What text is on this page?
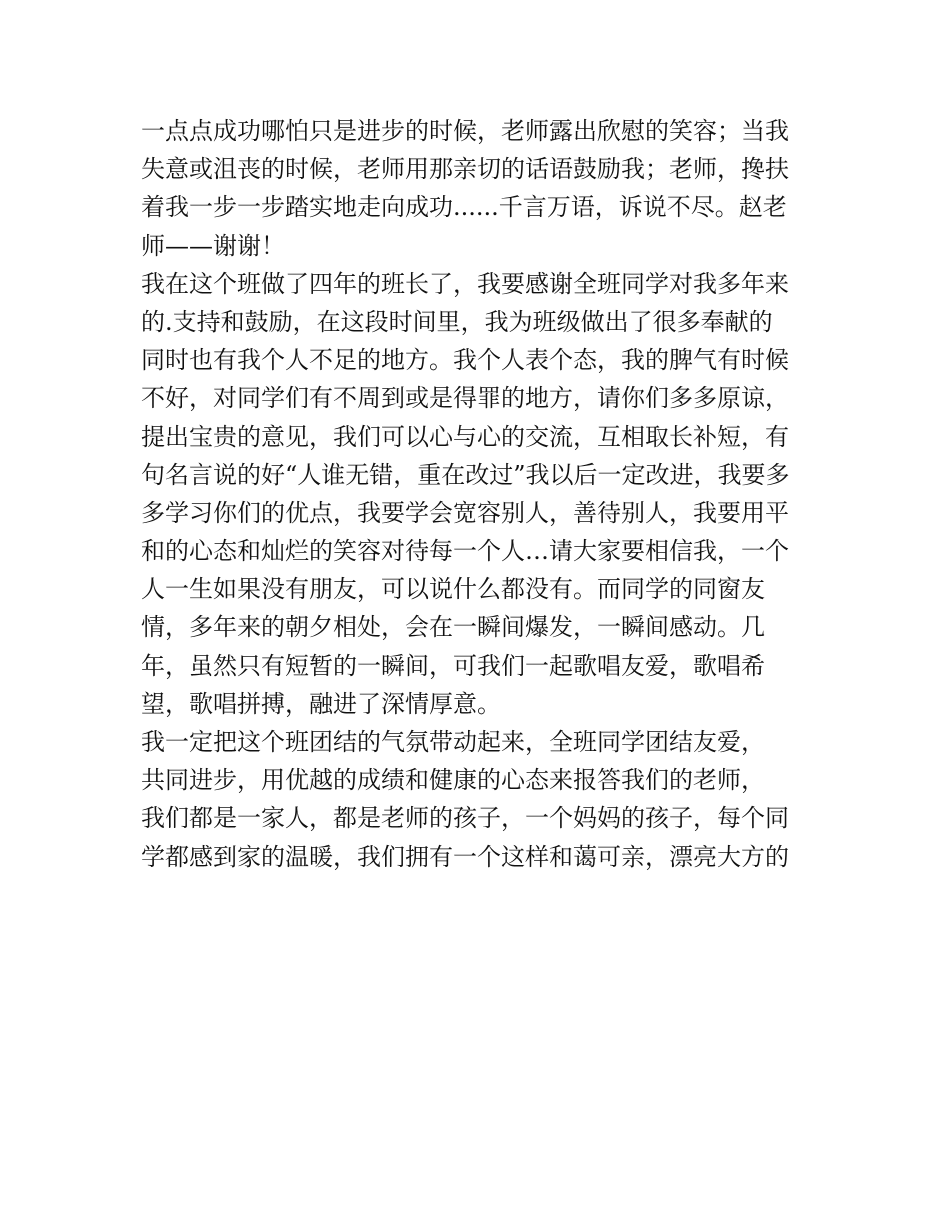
一点点成功哪怕只是进步的时候，老师露出欣慰的笑容；当我
失意或沮丧的时候，老师用那亲切的话语鼓励我；老师，搀扶
着我一步一步踏实地走向成功......千言万语，诉说不尽。赵老
师——谢谢！
我在这个班做了四年的班长了，我要感谢全班同学对我多年来
的.支持和鼓励，在这段时间里，我为班级做出了很多奉献的
同时也有我个人不足的地方。我个人表个态，我的脾气有时候
不好，对同学们有不周到或是得罪的地方，请你们多多原谅，
提出宝贵的意见，我们可以心与心的交流，互相取长补短，有
句名言说的好“人谁无错，重在改过”我以后一定改进，我要多
多学习你们的优点，我要学会宽容别人，善待别人，我要用平
和的心态和灿烂的笑容对待每一个人…请大家要相信我，一个
人一生如果没有朋友，可以说什么都没有。而同学的同窗友
情，多年来的朝夕相处，会在一瞬间爆发，一瞬间感动。几
年，虽然只有短暂的一瞬间，可我们一起歌唱友爱，歌唱希
望，歌唱拼搏，融进了深情厚意。
我一定把这个班团结的气氛带动起来，全班同学团结友爱，
共同进步，用优越的成绩和健康的心态来报答我们的老师，
我们都是一家人，都是老师的孩子，一个妈妈的孩子，每个同
学都感到家的温暖，我们拥有一个这样和蔼可亲，漂亮大方的
